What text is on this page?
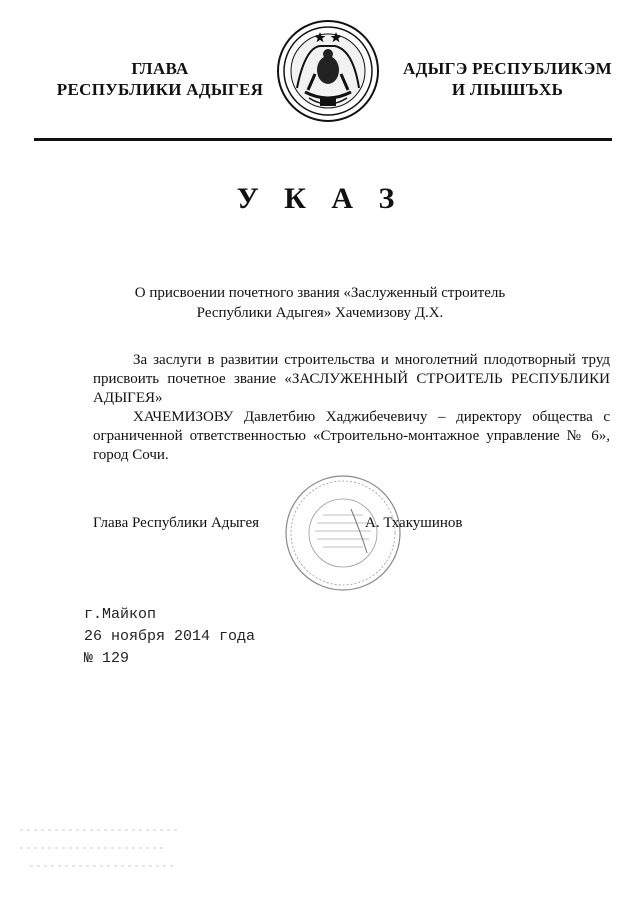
ГЛАВА
РЕСПУБЛИКИ АДЫГЕЯ
АДЫГЭ РЕСПУБЛИКЭМ
И ЛІЫШЪХЬ
У К А З
О присвоении почетного звания «Заслуженный строитель
Республики Адыгея» Хачемизову Д.Х.

За заслуги в развитии строительства и многолетний плодотворный труд присвоить почетное звание «ЗАСЛУЖЕННЫЙ СТРОИТЕЛЬ РЕСПУБЛИКИ АДЫГЕЯ»

ХАЧЕМИЗОВУ Давлетбию Хаджибечевичу – директору общества с ограниченной ответственностью «Строительно-монтажное управление № 6», город Сочи.

Глава Республики Адыгея	А. Тхакушинов
г.Майкоп
26 ноября 2014 года
№ 129
